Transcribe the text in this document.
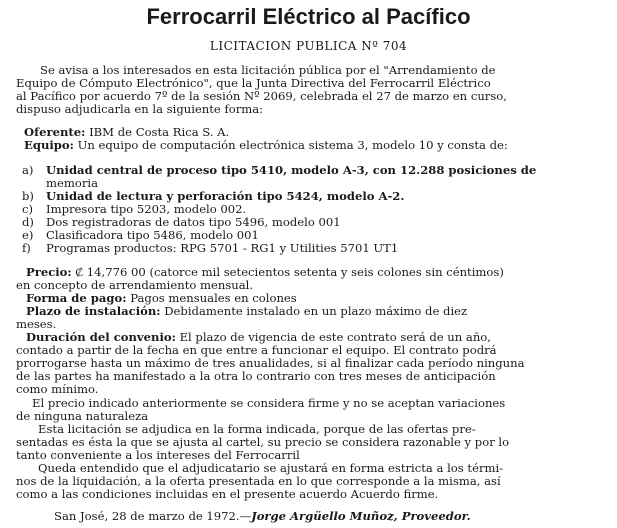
Ferrocarril Eléctrico al Pacífico
LICITACION PUBLICA Nº 704
Se avisa a los interesados en esta licitación pública por el "Arrendamiento de
Equipo de Cómputo Electrónico", que la Junta Directiva del Ferrocarril Eléctrico
al Pacífico por acuerdo 7º de la sesión Nº 2069, celebrada el 27 de marzo en curso,
dispuso adjudicarla en la siguiente forma:
Oferente: IBM de Costa Rica S. A.
Equipo: Un equipo de computación electrónica sistema 3, modelo 10 y consta de:
a) Unidad central de proceso tipo 5410, modelo A-3, con 12.288 posiciones de
memoria
b) Unidad de lectura y perforación tipo 5424, modelo A-2.
c) Impresora tipo 5203, modelo 002.
d) Dos registradoras de datos tipo 5496, modelo 001
e) Clasificadora tipo 5486, modelo 001
f) Programas productos: RPG 5701 - RG1 y Utilities 5701 UT1
Precio: ₡ 14,776 00 (catorce mil setecientos setenta y seis colones sin céntimos)
en concepto de arrendamiento mensual.
Forma de pago: Pagos mensuales en colones
Plazo de instalación: Debidamente instalado en un plazo máximo de diez
meses.
Duración del convenio: El plazo de vigencia de este contrato será de un año,
contado a partir de la fecha en que entre a funcionar el equipo. El contrato podrá
prorrogarse hasta un máximo de tres anualidades, si al finalizar cada período ninguna
de las partes ha manifestado a la otra lo contrario con tres meses de anticipación
como mínimo.
El precio indicado anteriormente se considera firme y no se aceptan variaciones
de ninguna naturaleza
Esta licitación se adjudica en la forma indicada, porque de las ofertas pre-
sentadas es ésta la que se ajusta al cartel, su precio se considera razonable y por lo
tanto conveniente a los intereses del Ferrocarril
Queda entendido que el adjudicatario se ajustará en forma estricta a los térmi-
nos de la liquidación, a la oferta presentada en lo que corresponde a la misma, así
como a las condiciones incluidas en el presente acuerdo Acuerdo firme.
San José, 28 de marzo de 1972.—Jorge Argüello Muñoz, Proveedor.
